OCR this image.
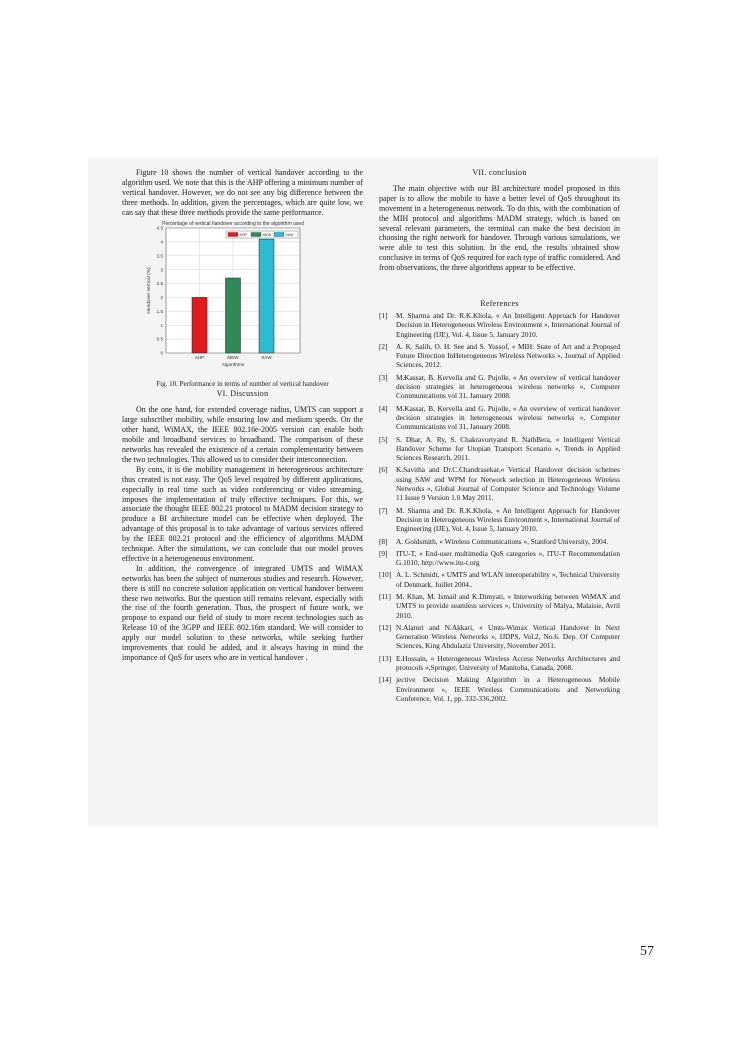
Figure 10 shows the number of vertical handover according to the algorithm used. We note that this is the AHP offering a minimum number of vertical handover. However, we do not see any big difference between the three methods. In addition, given the percentages, which are quite low, we can say that these three methods provide the same performance.

Percentage of vertical handover according to the algorithm used
0
0.5
1
1.5
2
2.5
3
3.5
4
4.5
AHP	MEW	SAW
Algorithms
Handover vertical (%)
AHP	MEW	SAW

Fig. 10. Performance in terms of number of vertical handover

VI. Discussion

On the one hand, for extended coverage radius, UMTS can support a large subscriber mobility, while ensuring low and medium speeds. On the other hand, WiMAX, the IEEE 802.16e-2005 version can enable both mobile and broadband services to broadband. The comparison of these networks has revealed the existence of a certain complementarity between the two technologies. This allowed us to consider their interconnection.

By cons, it is the mobility management in heterogeneous architecture thus created is not easy. The QoS level required by different applications, especially in real time such as video conferencing or video streaming, imposes the implementation of truly effective techniques. For this, we associate the thought IEEE 802.21 protocol to MADM decision strategy to produce a BI architecture model can be effective when deployed. The advantage of this proposal is to take advantage of various services offered by the IEEE 802.21 protocol and the efficiency of algorithms MADM technique. After the simulations, we can conclude that our model proves effective in a heterogeneous environment.

In addition, the convergence of integrated UMTS and WiMAX networks has been the subject of numerous studies and research. However, there is still no concrete solution application on vertical handover between these two networks. But the question still remains relevant, especially with the rise of the fourth generation. Thus, the prospect of future work, we propose to expand our field of study to more recent technologies such as Release 10 of the 3GPP and IEEE 802.16m standard. We will consider to apply our model solution to these networks, while seeking further improvements that could be added, and it always having in mind the importance of QoS for users who are in vertical handover .

VII. conclusion

The main objective with our BI architecture model proposed in this paper is to allow the mobile to have a better level of QoS throughout its movement in a heterogeneous network. To do this, with the combination of the MIH protocol and algorithms MADM strategy, which is based on several relevant parameters, the terminal can make the best decision in choosing the right network for handover. Through various simulations, we were able to test this solution. In the end, the results obtained show conclusive in terms of QoS required for each type of traffic considered. And from observations, the three algorithms appear to be effective.

References

[1]	M. Sharma and Dr. R.K.Khola, « An Intelligent Approach for Handover Decision in Heterogeneous Wireless Environment », International Journal of Engineering (IJE), Vol. 4, Issue 5, January 2010.
[2]	A. K. Salih, O. H. See and S. Yussof, « MIH: State of Art and a Proposed Future Direction InHeterogeneous Wireless Networks », Journal of Applied Sciences, 2012.
[3]	M.Kassar, B. Kervella and G. Pujolle, « An overview of vertical handover decision strategies in heterogeneous wireless networks », Computer Communications vol 31, January 2008.
[4]	M.Kassar, B. Kervella and G. Pujolle, « An overview of vertical handover decision strategies in heterogeneous wireless networks », Computer Communications vol 31, January 2008.
[5]	S. Dhar, A. Ry, S. Chakravortyand R. NathBera, « Intelligent Vertical Handover Scheme for Utopian Transport Scenario », Trends in Applied Sciences Research, 2011.
[6]	K.Savitha and Dr.C.Chandrasekar,« Vertical Handover decision schemes using SAW and WPM for Network selection in Heterogeneous Wireless Networks », Global Journal of Computer Science and Technology Volume 11 Issue 9 Version 1.0 May 2011.
[7]	M. Sharma and Dr. R.K.Khola, « An Intelligent Approach for Handover Decision in Heterogeneous Wireless Environment », International Journal of Engineering (IJE), Vol. 4, Issue 5, January 2010.
[8]	A. Goldsmith, « Wireless Communications », Stanford University, 2004.
[9]	ITU-T, « End-user multimedia QoS categories », ITU-T Recommendation G.1010, http://www.itu-t.org
[10] A. L. Schmidt, « UMTS and WLAN interoperability », Technical University of Denmark, Juillet 2004..
[11] M. Khan, M. Ismail and K.Dimyati, « Interworking between WiMAX and UMTS to provide seamless services », University of Malya, Malaisie, Avril 2010.
[12] N.Alamri and N.Akkari, « Umts-Wimax Vertical Handover In Next Generation Wireless Networks », IJDPS, Vol.2, No.6. Dep. Of Computer Sciences, King Abdulaziz University, November 2011.
[13] E.Hossain, « Heterogeneous Wireless Access Networks Architectures and protocols »,Springer, University of Manitoba, Canada, 2008.
[14] jective Decision Making Algorithm in a Heterogeneous Mobile Environment », IEEE Wireless Communications and Networking Conference, Vol. 1, pp. 332-336,2002.
57
